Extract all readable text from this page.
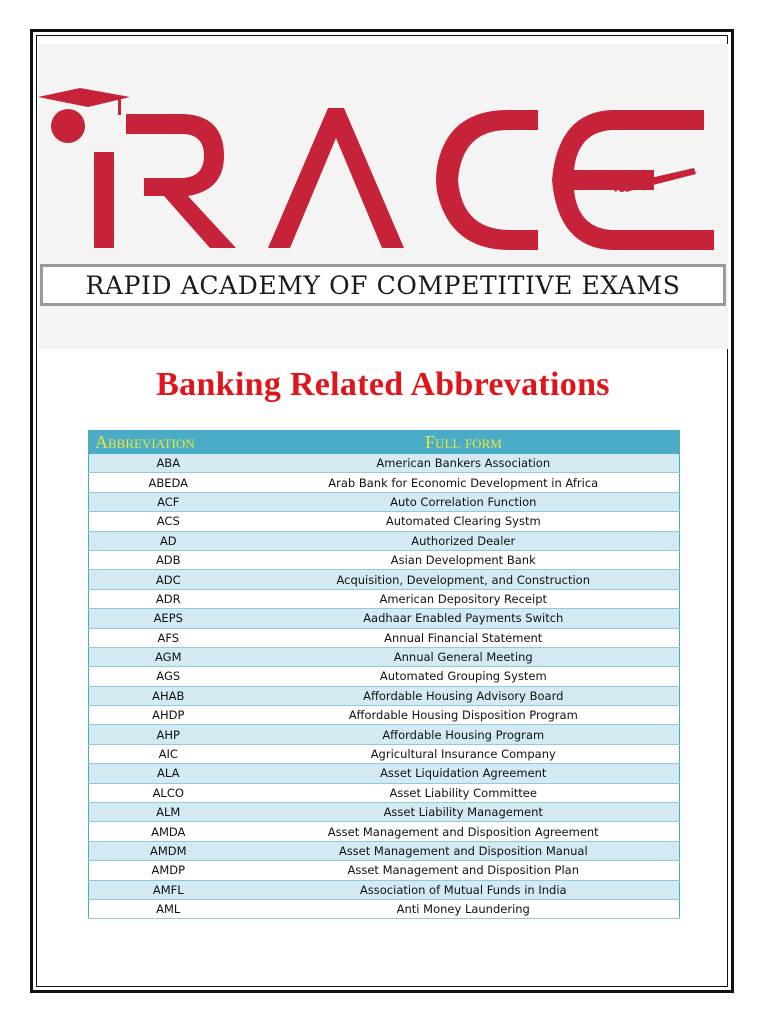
RAPID ACADEMY OF COMPETITIVE EXAMS
Banking Related Abbrevations
Abbreviation	Full form
ABA	American Bankers Association
ABEDA	Arab Bank for Economic Development in Africa
ACF	Auto Correlation Function
ACS	Automated Clearing Systm
AD	Authorized Dealer
ADB	Asian Development Bank
ADC	Acquisition, Development, and Construction
ADR	American Depository Receipt
AEPS	Aadhaar Enabled Payments Switch
AFS	Annual Financial Statement
AGM	Annual General Meeting
AGS	Automated Grouping System
AHAB	Affordable Housing Advisory Board
AHDP	Affordable Housing Disposition Program
AHP	Affordable Housing Program
AIC	Agricultural Insurance Company
ALA	Asset Liquidation Agreement
ALCO	Asset Liability Committee
ALM	Asset Liability Management
AMDA	Asset Management and Disposition Agreement
AMDM	Asset Management and Disposition Manual
AMDP	Asset Management and Disposition Plan
AMFL	Association of Mutual Funds in India
AML	Anti Money Laundering
